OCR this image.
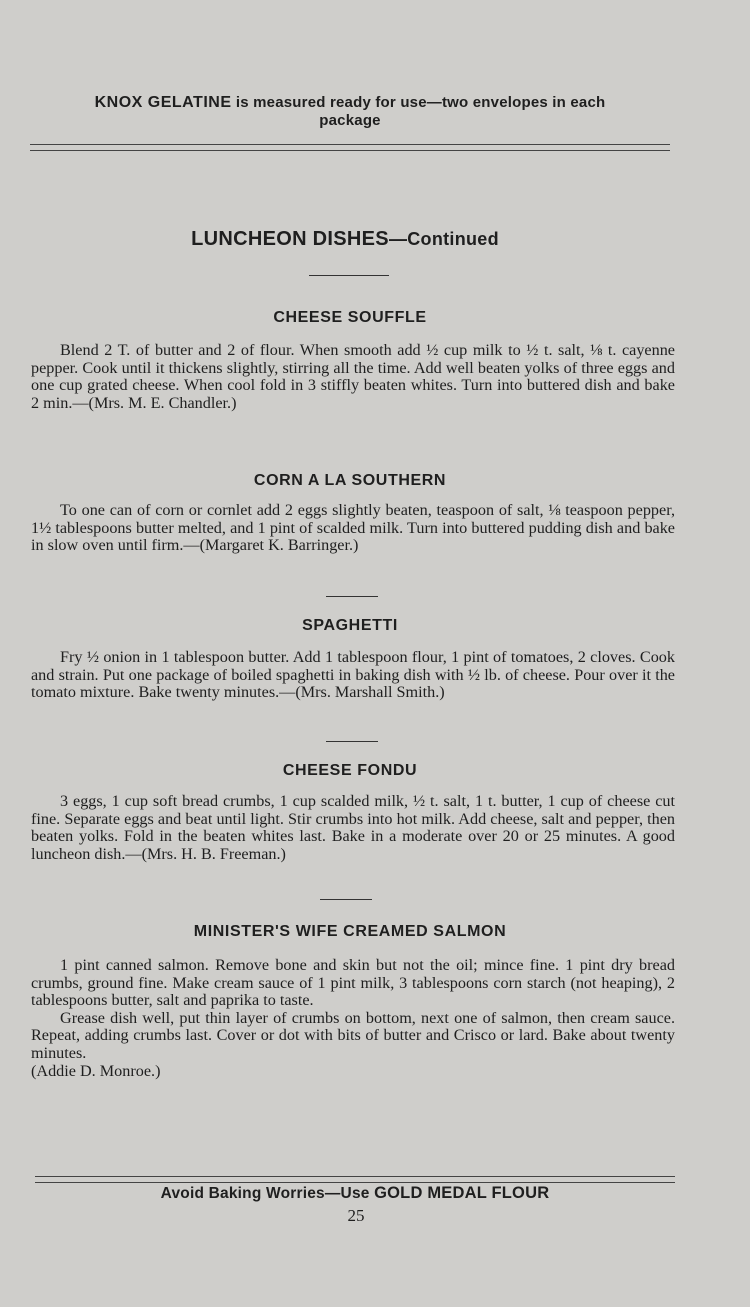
KNOX GELATINE is measured ready for use—two envelopes in each
package
LUNCHEON DISHES—Continued
CHEESE SOUFFLE

Blend 2 T. of butter and 2 of flour. When smooth add ½ cup milk to ½ t. salt, ⅛ t. cayenne pepper. Cook until it thickens slightly, stirring all the time. Add well beaten yolks of three eggs and one cup grated cheese. When cool fold in 3 stiffly beaten whites. Turn into buttered dish and bake 2 min.—(Mrs. M. E. Chandler.)

CORN A LA SOUTHERN

To one can of corn or cornlet add 2 eggs slightly beaten, teaspoon of salt, ⅛ teaspoon pepper, 1½ tablespoons butter melted, and 1 pint of scalded milk. Turn into buttered pudding dish and bake in slow oven until firm.—(Margaret K. Barringer.)

SPAGHETTI

Fry ½ onion in 1 tablespoon butter. Add 1 tablespoon flour, 1 pint of tomatoes, 2 cloves. Cook and strain. Put one package of boiled spaghetti in baking dish with ½ lb. of cheese. Pour over it the tomato mixture. Bake twenty minutes.—(Mrs. Marshall Smith.)

CHEESE FONDU

3 eggs, 1 cup soft bread crumbs, 1 cup scalded milk, ½ t. salt, 1 t. butter, 1 cup of cheese cut fine. Separate eggs and beat until light. Stir crumbs into hot milk. Add cheese, salt and pepper, then beaten yolks. Fold in the beaten whites last. Bake in a moderate over 20 or 25 minutes. A good luncheon dish.—(Mrs. H. B. Freeman.)

MINISTER'S WIFE CREAMED SALMON

1 pint canned salmon. Remove bone and skin but not the oil; mince fine. 1 pint dry bread crumbs, ground fine. Make cream sauce of 1 pint milk, 3 tablespoons corn starch (not heaping), 2 tablespoons butter, salt and paprika to taste.

Grease dish well, put thin layer of crumbs on bottom, next one of salmon, then cream sauce. Repeat, adding crumbs last. Cover or dot with bits of butter and Crisco or lard. Bake about twenty minutes.

(Addie D. Monroe.)

Avoid Baking Worries—Use GOLD MEDAL FLOUR
25
